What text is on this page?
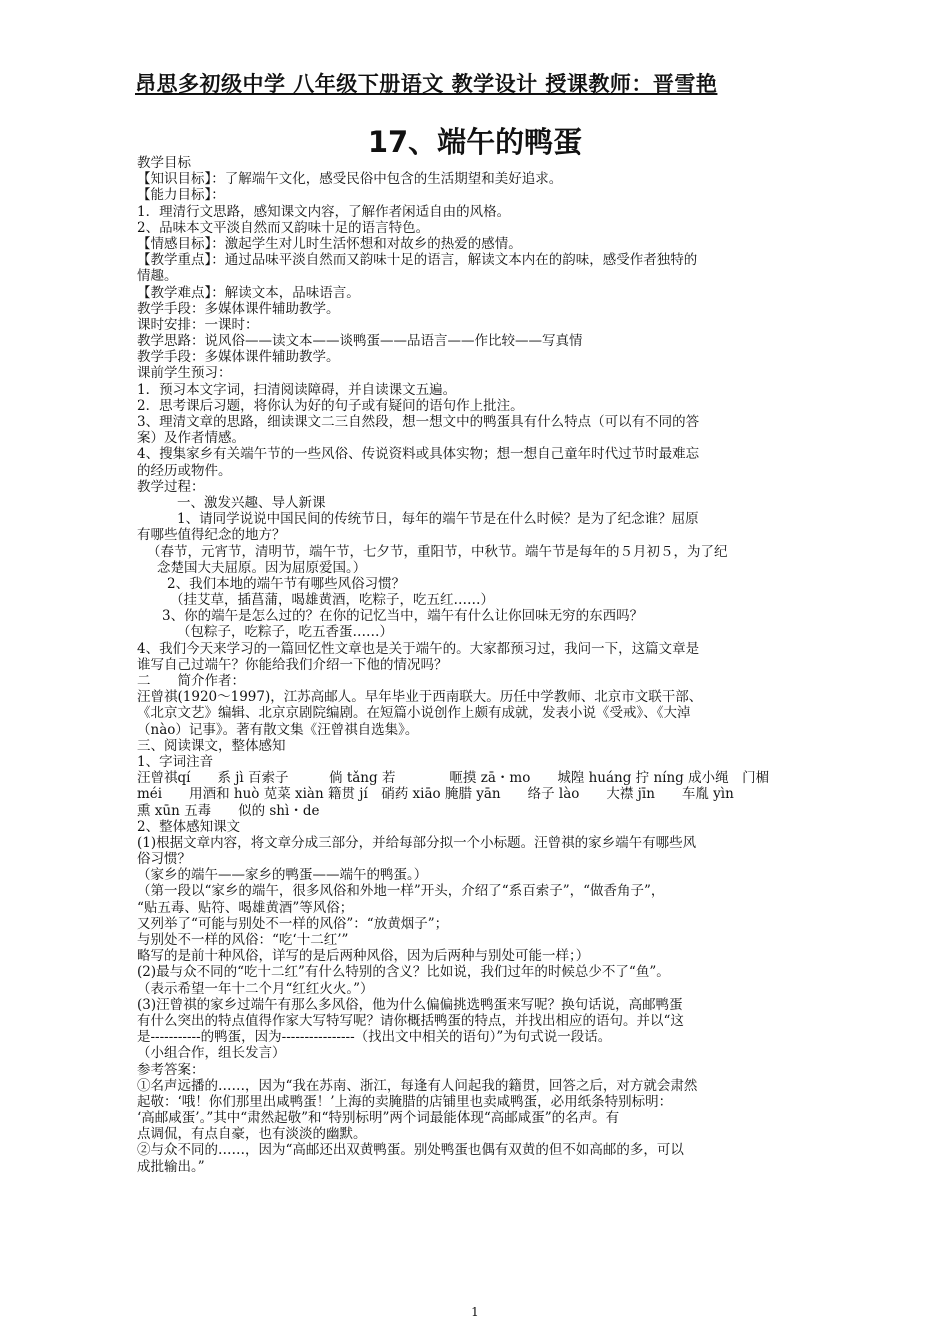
昂思多初级中学 八年级下册语文 教学设计 授课教师：晋雪艳
17、端午的鸭蛋
教学目标
【知识目标】：了解端午文化，感受民俗中包含的生活期望和美好追求。
【能力目标】：
1．理清行文思路，感知课文内容，了解作者闲适自由的风格。
2、品味本文平淡自然而又韵味十足的语言特色。
【情感目标】：激起学生对儿时生活怀想和对故乡的热爱的感情。
【教学重点】：通过品味平淡自然而又韵味十足的语言，解读文本内在的韵味，感受作者独特的
情趣。
【教学难点】：解读文本，品味语言。
教学手段：多媒体课件辅助教学。
课时安排：一课时：
教学思路：说风俗——读文本——谈鸭蛋——品语言——作比较——写真情
教学手段：多媒体课件辅助教学。
课前学生预习：
1．预习本文字词，扫清阅读障碍，并自读课文五遍。
2．思考课后习题，将你认为好的句子或有疑问的语句作上批注。
3、理清文章的思路，细读课文二三自然段，想一想文中的鸭蛋具有什么特点（可以有不同的答
案）及作者情感。
4、搜集家乡有关端午节的一些风俗、传说资料或具体实物；想一想自己童年时代过节时最难忘
的经历或物件。
教学过程：
一、激发兴趣、导人新课
1、请同学说说中国民间的传统节日，每年的端午节是在什么时候？是为了纪念谁？屈原
有哪些值得纪念的地方？
（春节，元宵节，清明节，端午节，七夕节，重阳节，中秋节。端午节是每年的５月初５，为了纪
念楚国大夫屈原。因为屈原爱国。）
2、我们本地的端午节有哪些风俗习惯？
（挂艾草，插菖蒲，喝雄黄酒，吃粽子，吃五红……）
3、你的端午是怎么过的？在你的记忆当中，端午有什么让你回味无穷的东西吗？
（包粽子，吃粽子，吃五香蛋……）
4、我们今天来学习的一篇回忆性文章也是关于端午的。大家都预习过，我问一下，这篇文章是
谁写自己过端午？你能给我们介绍一下他的情况吗？
二　　简介作者：
汪曾祺(1920～1997)，江苏高邮人。早年毕业于西南联大。历任中学教师、北京市文联干部、
《北京文艺》编辑、北京京剧院编剧。在短篇小说创作上颇有成就，发表小说《受戒》、《大淖
（nào）记事》。著有散文集《汪曾祺自选集》。
三、阅读课文，整体感知
1、字词注音
汪曾祺qí　　系 jì 百索子　　　倘 tǎng 若　　　　咂摸 zā・mo　　城隍 huáng 拧 níng 成小绳　门楣
méi　　用酒和 huò 苋菜 xiàn 籍贯 jí　硝药 xiāo 腌腊 yān　　络子 lào　　大襟 jīn　　车胤 yìn
熏 xūn 五毒　　似的 shì・de
2、整体感知课文
(1)根据文章内容，将文章分成三部分，并给每部分拟一个小标题。汪曾祺的家乡端午有哪些风
俗习惯？
（家乡的端午——家乡的鸭蛋——端午的鸭蛋。）
（第一段以“家乡的端午，很多风俗和外地一样”开头，介绍了“系百索子”，“做香角子”，
“贴五毒、贴符、喝雄黄酒”等风俗；
又列举了“可能与别处不一样的风俗”：“放黄烟子”；
与别处不一样的风俗：“吃‘十二红’”
略写的是前十种风俗，详写的是后两种风俗，因为后两种与别处可能一样；）
(2)最与众不同的“吃十二红”有什么特别的含义？比如说，我们过年的时候总少不了“鱼”。
（表示希望一年十二个月“红红火火。”）
(3)汪曾祺的家乡过端午有那么多风俗，他为什么偏偏挑选鸭蛋来写呢？换句话说，高邮鸭蛋
有什么突出的特点值得作家大写特写呢？请你概括鸭蛋的特点，并找出相应的语句。并以“这
是-----------的鸭蛋，因为----------------（找出文中相关的语句）”为句式说一段话。
（小组合作，组长发言）
参考答案：
①名声远播的……，因为“我在苏南、浙江，每逢有人问起我的籍贯，回答之后，对方就会肃然
起敬：‘哦！你们那里出咸鸭蛋！’上海的卖腌腊的店铺里也卖咸鸭蛋，必用纸条特别标明：
‘高邮咸蛋’。”其中“肃然起敬”和“特别标明”两个词最能体现“高邮咸蛋”的名声。有
点调侃，有点自豪，也有淡淡的幽默。
②与众不同的……，因为“高邮还出双黄鸭蛋。别处鸭蛋也偶有双黄的但不如高邮的多，可以
成批输出。”
1
